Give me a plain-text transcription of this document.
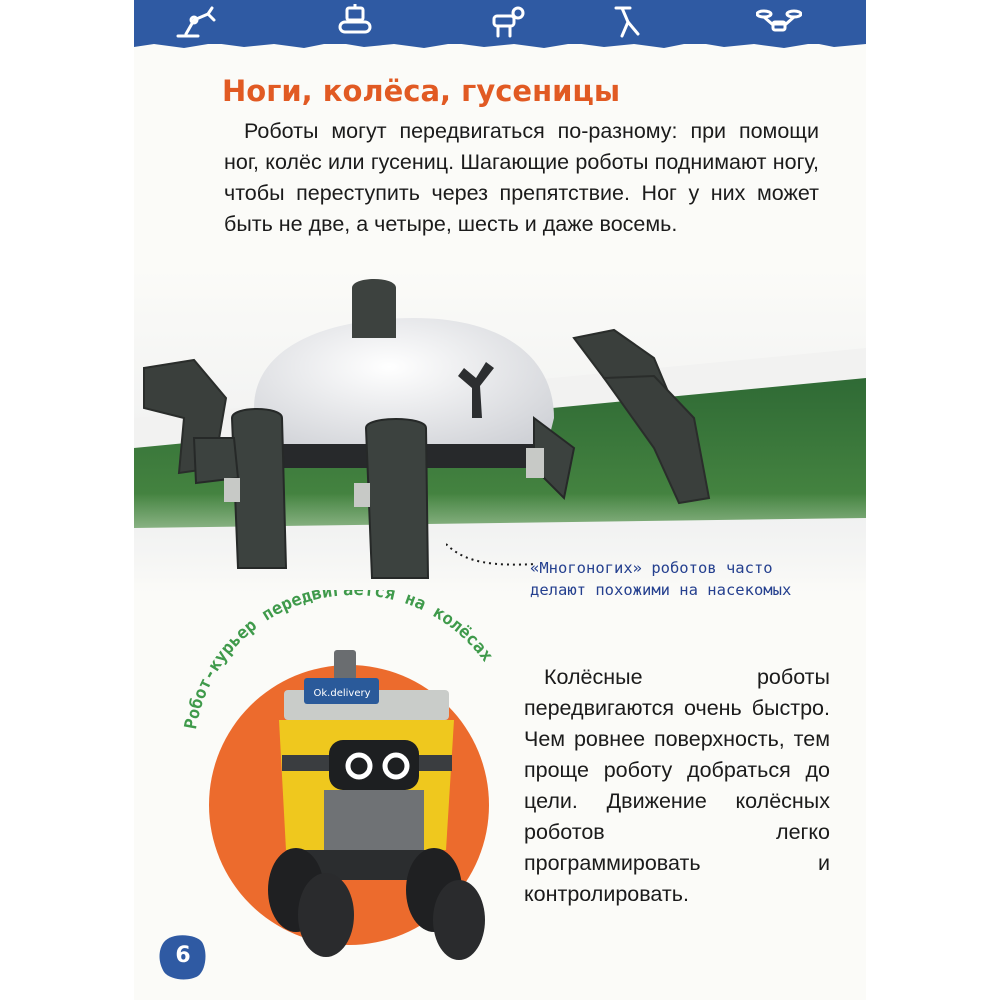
Ноги, колёса, гусеницы

Роботы могут передвигаться по-разному: при помощи ног, колёс или гусениц. Шагающие роботы поднимают ногу, чтобы переступить через препятствие. Ног у них может быть не две, а четыре, шесть и даже восемь.

«Многоногих» роботов часто делают похожими на насекомых

Робот-курьер передвигается на колёсах
Ok.delivery

Колёсные роботы передвигаются очень быстро. Чем ровнее поверхность, тем проще роботу добраться до цели. Движение колёсных роботов легко программировать и контролировать.

6
